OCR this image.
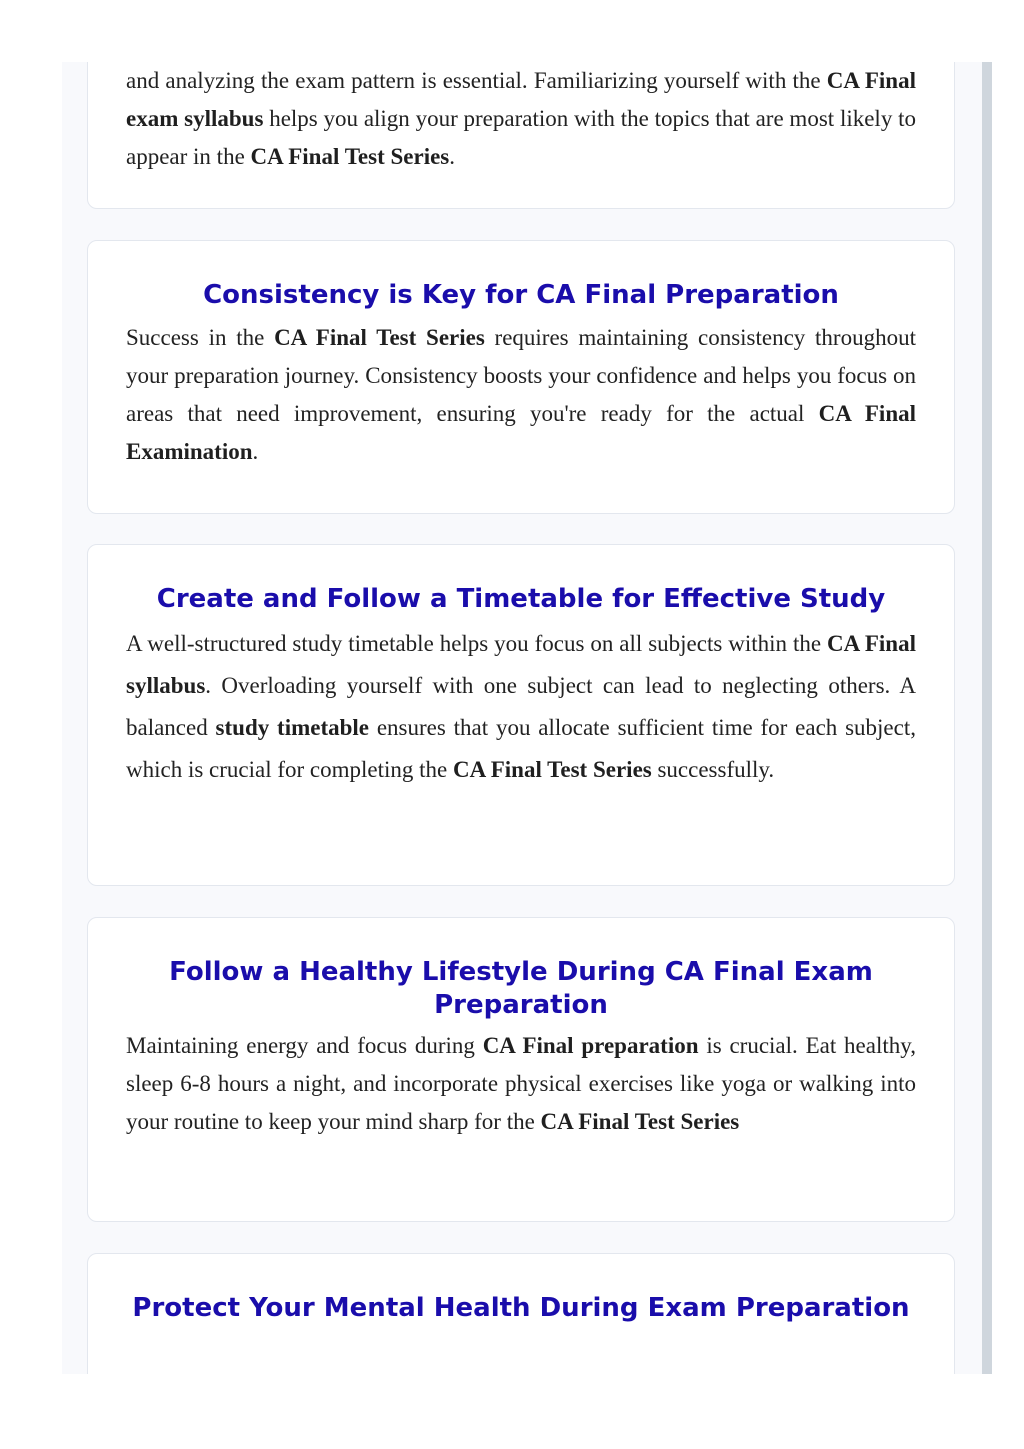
and analyzing the exam pattern is essential. Familiarizing yourself with the CA Final exam syllabus helps you align your preparation with the topics that are most likely to appear in the CA Final Test Series.

Consistency is Key for CA Final Preparation

Success in the CA Final Test Series requires maintaining consistency throughout your preparation journey. Consistency boosts your confidence and helps you focus on areas that need improvement, ensuring you're ready for the actual CA Final Examination.

Create and Follow a Timetable for Effective Study

A well-structured study timetable helps you focus on all subjects within the CA Final syllabus. Overloading yourself with one subject can lead to neglecting others. A balanced study timetable ensures that you allocate sufficient time for each subject, which is crucial for completing the CA Final Test Series successfully.

Follow a Healthy Lifestyle During CA Final Exam Preparation

Maintaining energy and focus during CA Final preparation is crucial. Eat healthy, sleep 6-8 hours a night, and incorporate physical exercises like yoga or walking into your routine to keep your mind sharp for the CA Final Test Series

Protect Your Mental Health During Exam Preparation
